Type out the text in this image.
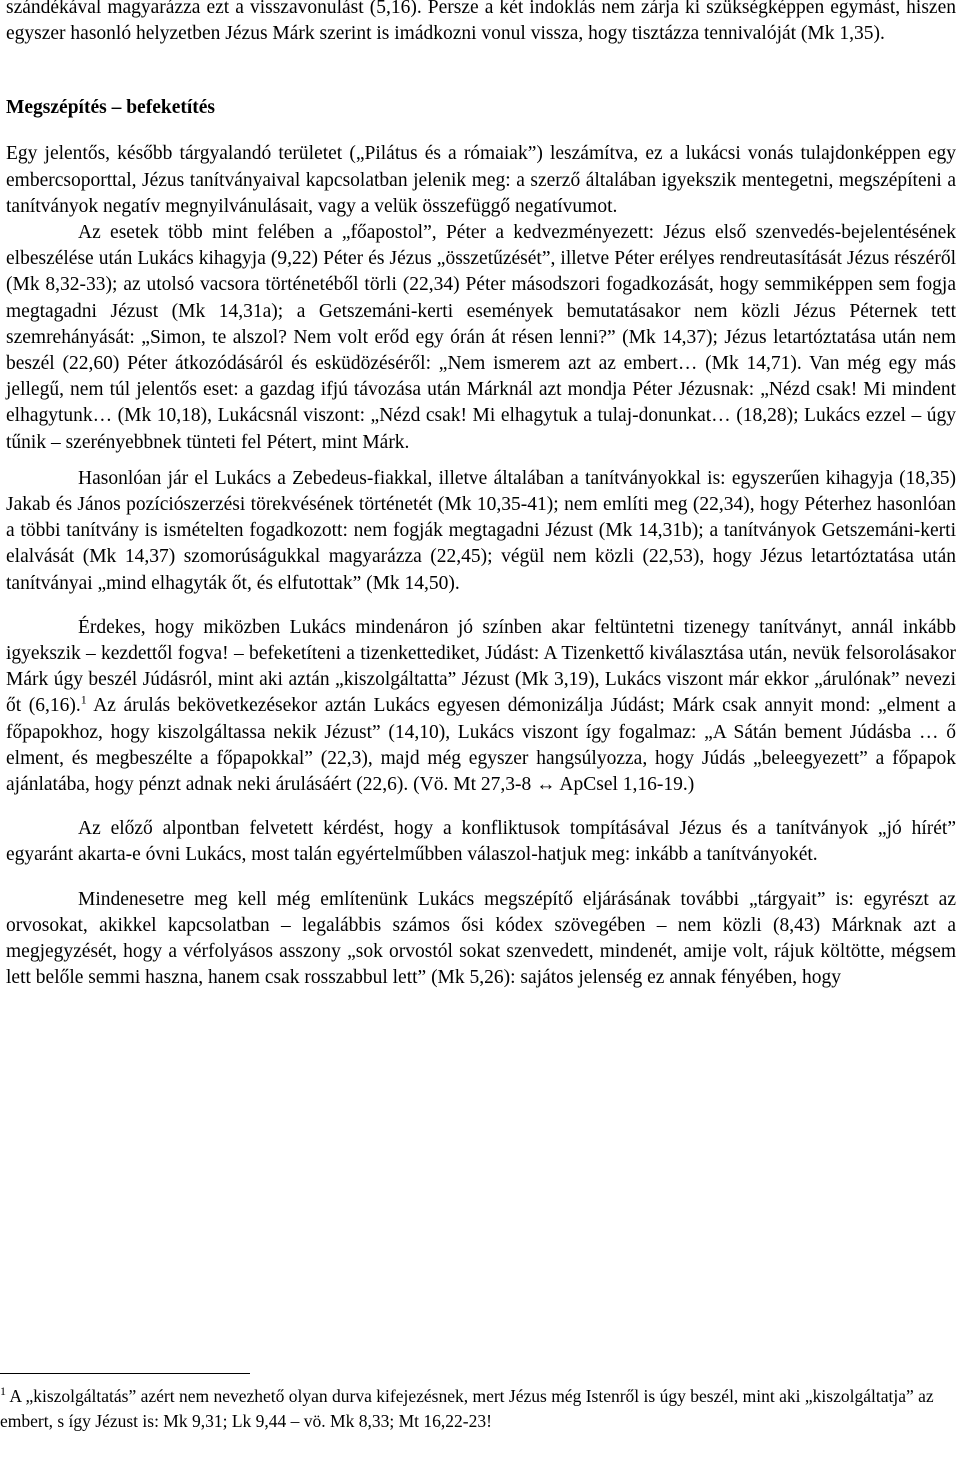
szándékával magyarázza ezt a visszavonulást (5,16). Persze a két indoklás nem zárja ki szükségképpen egymást, hiszen egyszer hasonló helyzetben Jézus Márk szerint is imádkozni vonul vissza, hogy tisztázza tennivalóját (Mk 1,35).

Megszépítés – befeketítés

Egy jelentős, később tárgyalandó területet („Pilátus és a rómaiak”) leszámítva, ez a lukácsi vonás tulajdonképpen egy embercsoporttal, Jézus tanítványaival kapcsolatban jelenik meg: a szerző általában igyekszik mentegetni, megszépíteni a tanítványok negatív megnyilvánulásait, vagy a velük összefüggő negatívumot.

Az esetek több mint felében a „főapostol”, Péter a kedvezményezett: Jézus első szenvedés-bejelentésének elbeszélése után Lukács kihagyja (9,22) Péter és Jézus „összetűzését”, illetve Péter erélyes rendreutasítását Jézus részéről (Mk 8,32-33); az utolsó vacsora történetéből törli (22,34) Péter másodszori fogadkozását, hogy semmiképpen sem fogja megtagadni Jézust (Mk 14,31a); a Getszemáni-kerti események bemutatásakor nem közli Jézus Péternek tett szemrehányását: „Simon, te alszol? Nem volt erőd egy órán át résen lenni?” (Mk 14,37); Jézus letartóztatása után nem beszél (22,60) Péter átkozódásáról és esküdözéséről: „Nem ismerem azt az embert… (Mk 14,71). Van még egy más jellegű, nem túl jelentős eset: a gazdag ifjú távozása után Márknál azt mondja Péter Jézusnak: „Nézd csak! Mi mindent elhagytunk… (Mk 10,18), Lukácsnál viszont: „Nézd csak! Mi elhagytuk a tulaj-donunkat… (18,28); Lukács ezzel – úgy tűnik – szerényebbnek tünteti fel Pétert, mint Márk.

Hasonlóan jár el Lukács a Zebedeus-fiakkal, illetve általában a tanítványokkal is: egyszerűen kihagyja (18,35) Jakab és János pozíciószerzési törekvésének történetét (Mk 10,35-41); nem említi meg (22,34), hogy Péterhez hasonlóan a többi tanítvány is ismételten fogadkozott: nem fogják megtagadni Jézust (Mk 14,31b); a tanítványok Getszemáni-kerti elalvását (Mk 14,37) szomorúságukkal magyarázza (22,45); végül nem közli (22,53), hogy Jézus letartóztatása után tanítványai „mind elhagyták őt, és elfutottak” (Mk 14,50).

Érdekes, hogy miközben Lukács mindenáron jó színben akar feltüntetni tizenegy tanítványt, annál inkább igyekszik – kezdettől fogva! – befeketíteni a tizenkettediket, Júdást: A Tizenkettő kiválasztása után, nevük felsorolásakor Márk úgy beszél Júdásról, mint aki aztán „kiszolgáltatta” Jézust (Mk 3,19), Lukács viszont már ekkor „árulónak” nevezi őt (6,16).$^1$ Az árulás bekövetkezésekor aztán Lukács egyesen démonizálja Júdást; Márk csak annyit mond: „elment a főpapokhoz, hogy kiszolgáltassa nekik Jézust” (14,10), Lukács viszont így fogalmaz: „A Sátán bement Júdásba … ő elment, és megbeszélte a főpapokkal” (22,3), majd még egyszer hangsúlyozza, hogy Júdás „beleegyezett” a főpapok ajánlatába, hogy pénzt adnak neki árulásáért (22,6). (Vö. Mt 27,3-8 ↔ ApCsel 1,16-19.)

Az előző alpontban felvetett kérdést, hogy a konfliktusok tompításával Jézus és a tanítványok „jó hírét” egyaránt akarta-e óvni Lukács, most talán egyértelműbben válaszol-hatjuk meg: inkább a tanítványokét.

Mindenesetre meg kell még említenünk Lukács megszépítő eljárásának további „tárgyait” is: egyrészt az orvosokat, akikkel kapcsolatban – legalábbis számos ősi kódex szövegében – nem közli (8,43) Márknak azt a megjegyzését, hogy a vérfolyásos asszony „sok orvostól sokat szenvedett, mindenét, amije volt, rájuk költötte, mégsem lett belőle semmi haszna, hanem csak rosszabbul lett” (Mk 5,26): sajátos jelenség ez annak fényében, hogy

$^1$ A „kiszolgáltatás” azért nem nevezhető olyan durva kifejezésnek, mert Jézus még Istenről is úgy beszél, mint aki „kiszolgáltatja” az embert, s így Jézust is: Mk 9,31; Lk 9,44 – vö. Mk 8,33; Mt 16,22-23!
